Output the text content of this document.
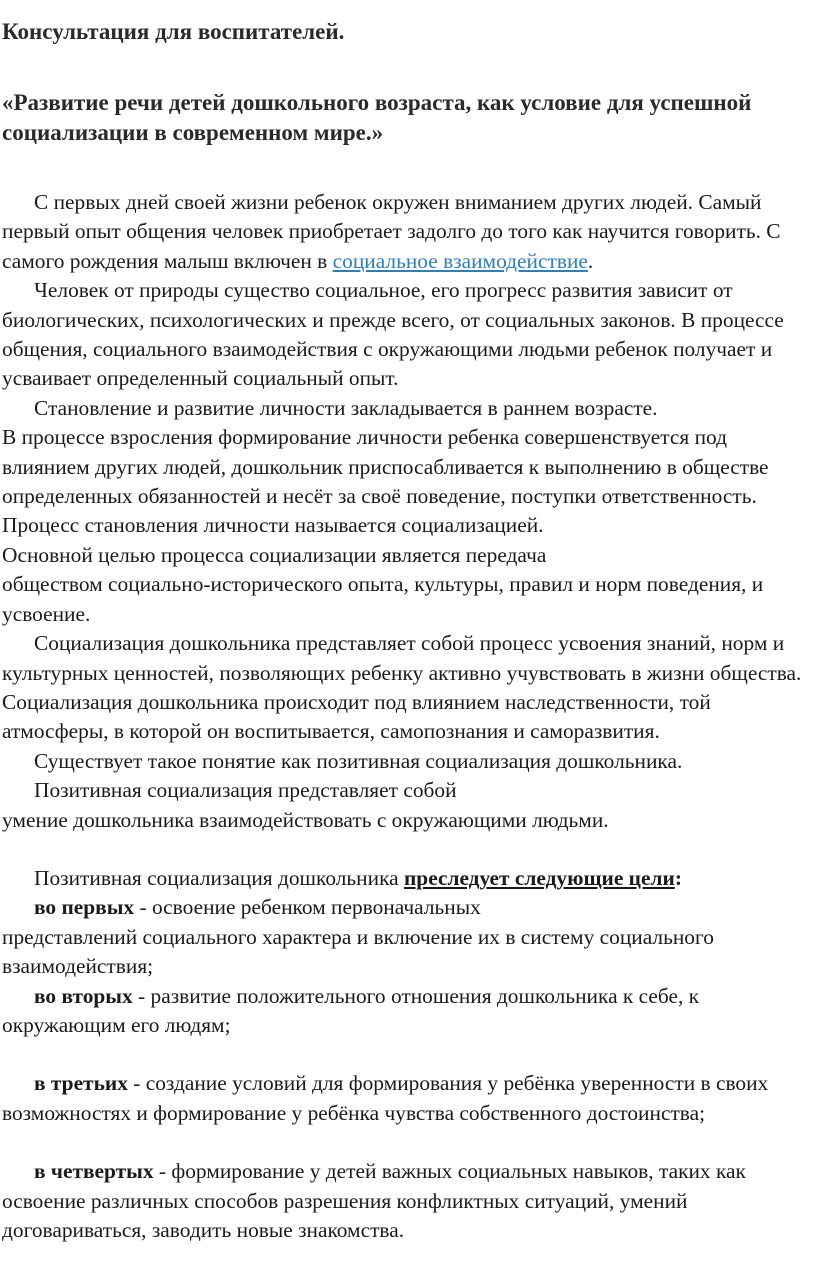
Консультация для воспитателей.

«Развитие речи детей дошкольного возраста, как условие для успешной социализации в современном мире.»

С первых дней своей жизни ребенок окружен вниманием других людей. Самый первый опыт общения человек приобретает задолго до того как научится говорить. С самого рождения малыш включен в социальное взаимодействие.

Человек от природы существо социальное, его прогресс развития зависит от биологических, психологических и прежде всего, от социальных законов. В процессе общения, социального взаимодействия с окружающими людьми ребенок получает и усваивает определенный социальный опыт.

Становление и развитие личности закладывается в раннем возрасте.

В процессе взросления формирование личности ребенка совершенствуется под влиянием других людей, дошкольник приспосабливается к выполнению в обществе определенных обязанностей и несёт за своё поведение, поступки ответственность. Процесс становления личности называется социализацией.

Основной целью процесса социализации является передача

обществом социально-исторического опыта, культуры, правил и норм поведения, и усвоение.

Социализация дошкольника представляет собой процесс усвоения знаний, норм и культурных ценностей, позволяющих ребенку активно учувствовать в жизни общества. Социализация дошкольника происходит под влиянием наследственности, той атмосферы, в которой он воспитывается, самопознания и саморазвития.

Существует такое понятие как позитивная социализация дошкольника.

Позитивная социализация представляет собой

умение дошкольника взаимодействовать с окружающими людьми.

Позитивная социализация дошкольника преследует следующие цели:

во первых - освоение ребенком первоначальных

представлений социального характера и включение их в систему социального взаимодействия;

во вторых - развитие положительного отношения дошкольника к себе, к окружающим его людям;

в третьих - создание условий для формирования у ребёнка уверенности в своих возможностях и формирование у ребёнка чувства собственного достоинства;

в четвертых - формирование у детей важных социальных навыков, таких как освоение различных способов разрешения конфликтных ситуаций, умений договариваться, заводить новые знакомства.
